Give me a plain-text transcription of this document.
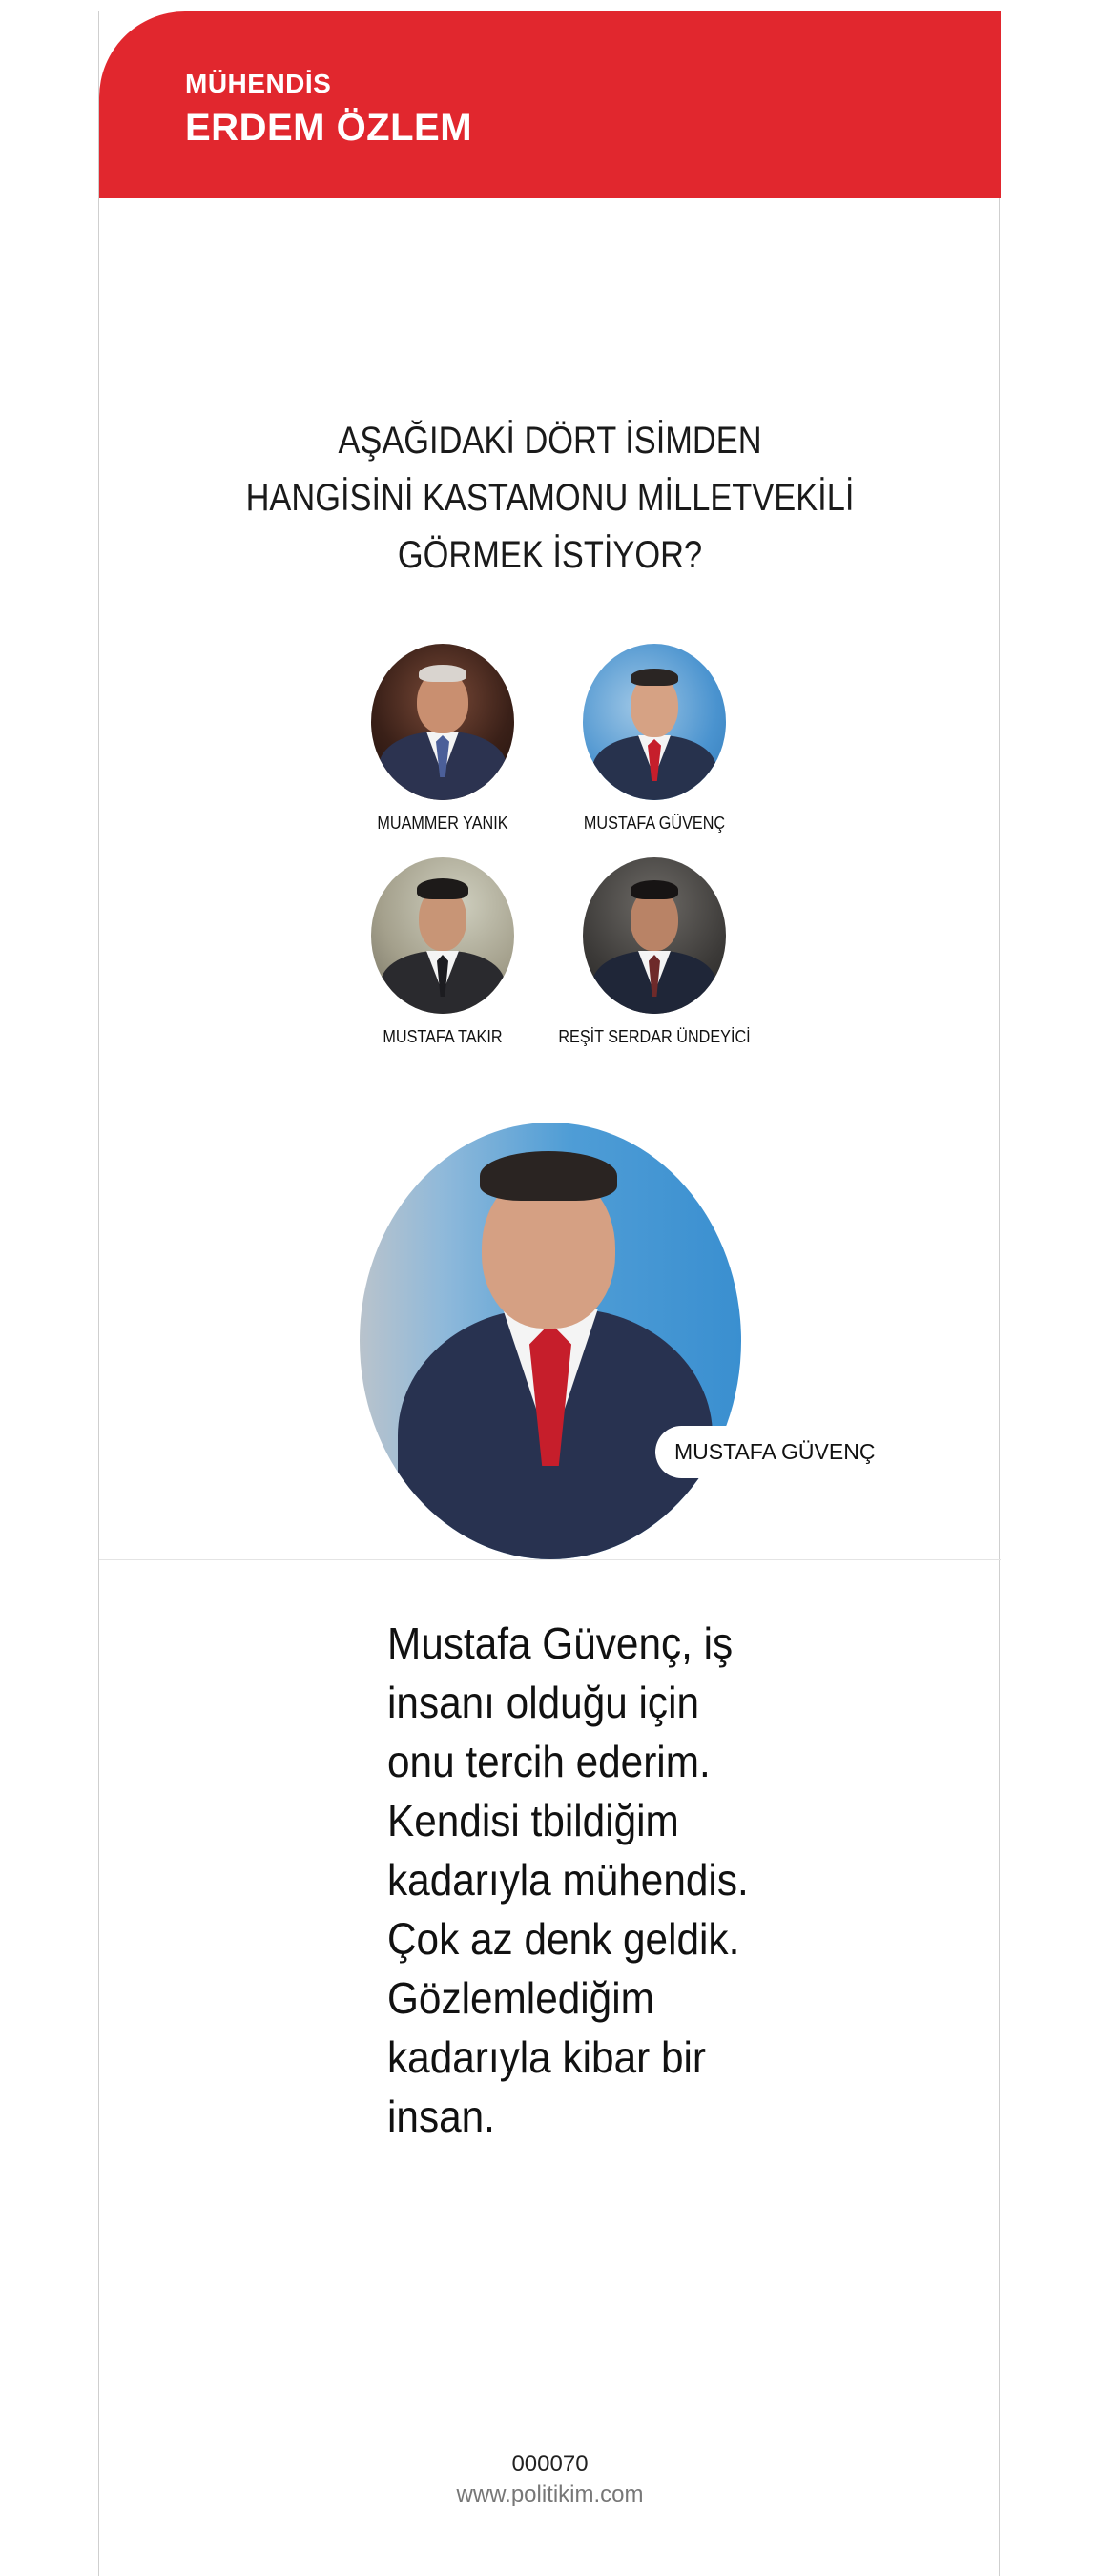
MÜHENDİS
ERDEM ÖZLEM
AŞAĞIDAKİ DÖRT İSİMDEN
HANGİSİNİ KASTAMONU MİLLETVEKİLİ
GÖRMEK İSTİYOR?
MUAMMER YANIK	MUSTAFA GÜVENÇ
MUSTAFA TAKIR	REŞİT SERDAR ÜNDEYİCİ
MUSTAFA GÜVENÇ
Mustafa Güvenç, iş
insanı olduğu için
onu tercih ederim.
Kendisi tbildiğim
kadarıyla mühendis.
Çok az denk geldik.
Gözlemlediğim
kadarıyla kibar bir
insan.
000070
www.politikim.com
